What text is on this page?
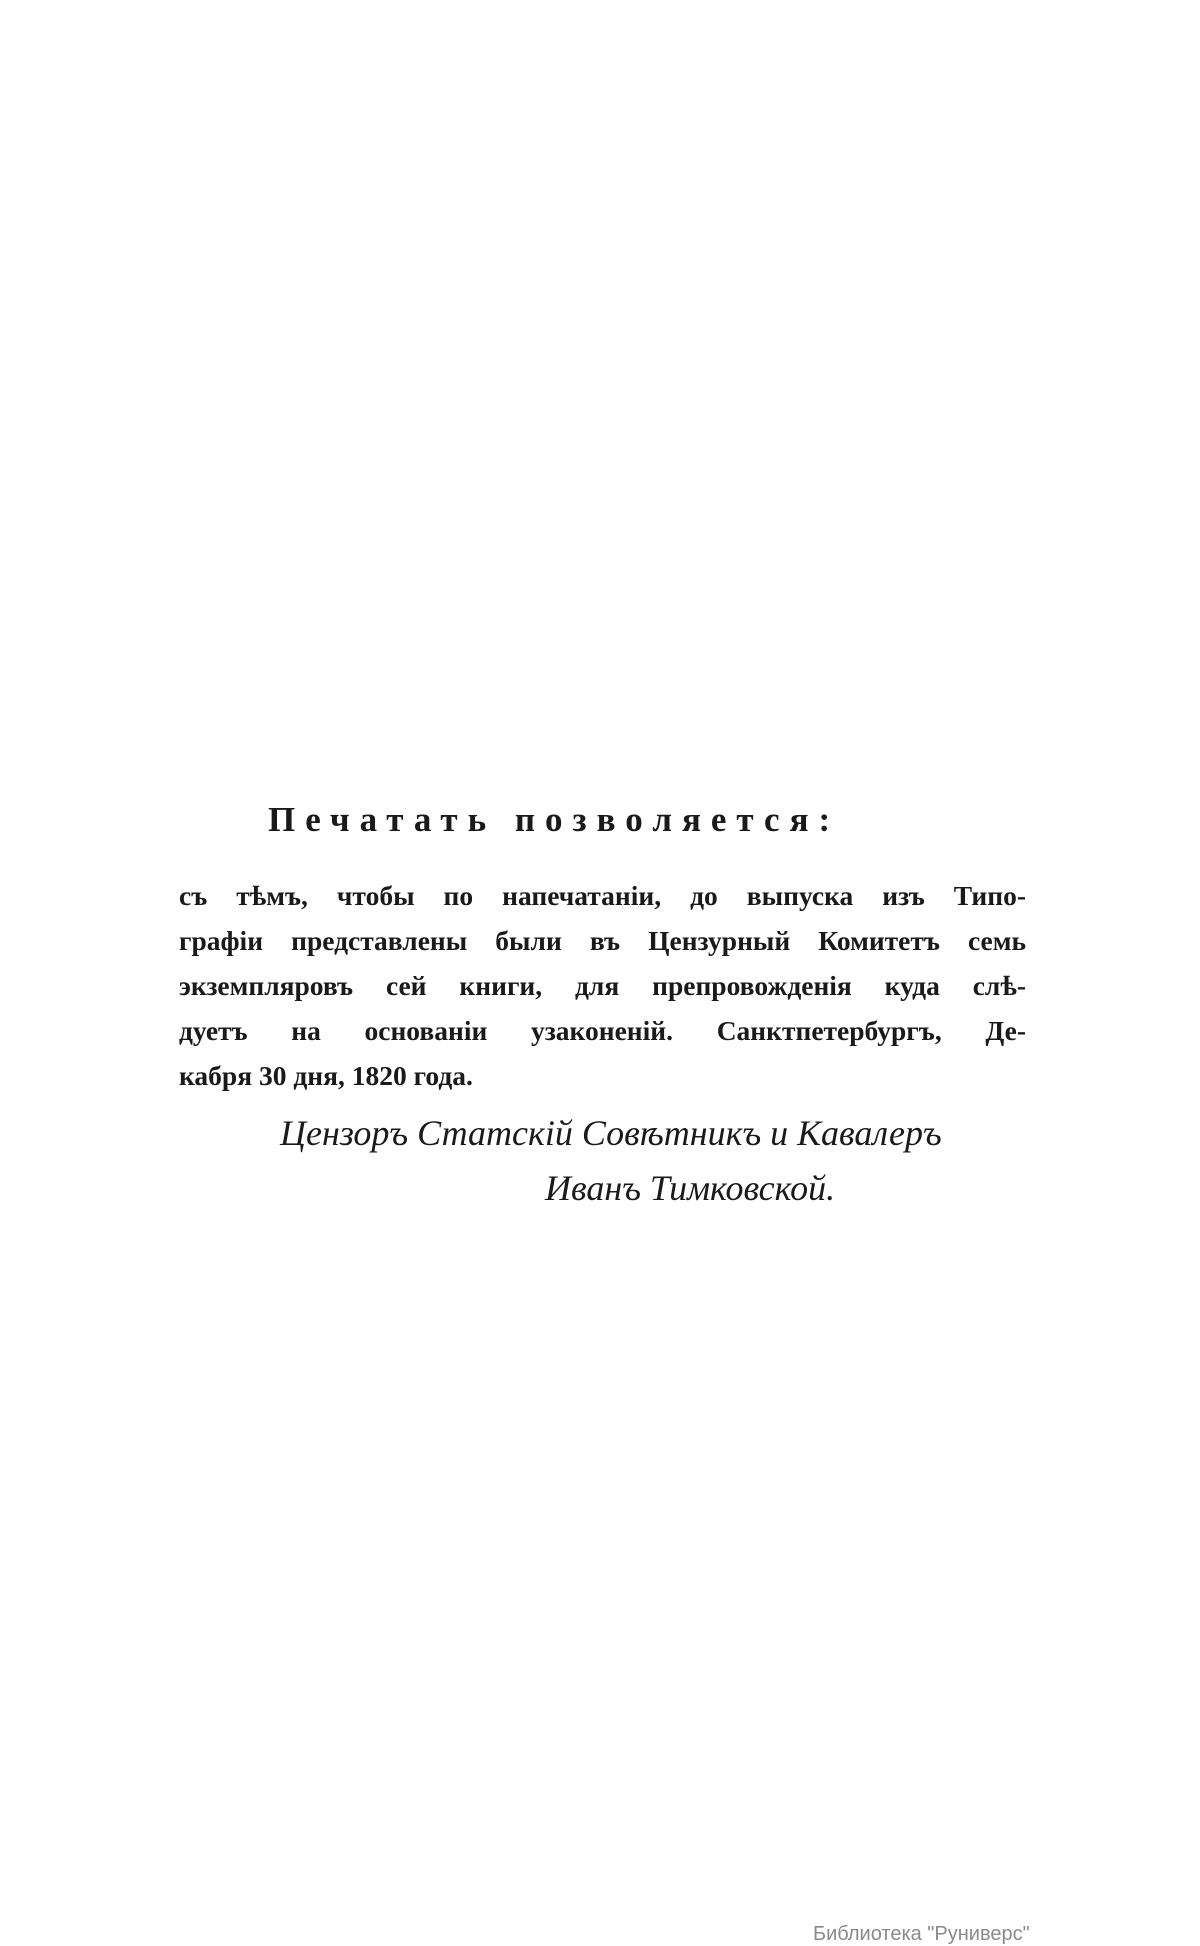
Печатать позволяется:
съ тѣмъ, чтобы по напечатаніи, до выпуска изъ Типо-
графіи представлены были въ Цензурный Комитетъ семь
экземпляровъ сей книги, для препровожденія куда слѣ-
дуетъ на основаніи узаконеній. Санктпетербургъ, Де-
кабря 30 дня, 1820 года.
Цензоръ Статскій Совѣтникъ и Кавалеръ
Иванъ Тимковской.
Библиотека "Руниверс"
